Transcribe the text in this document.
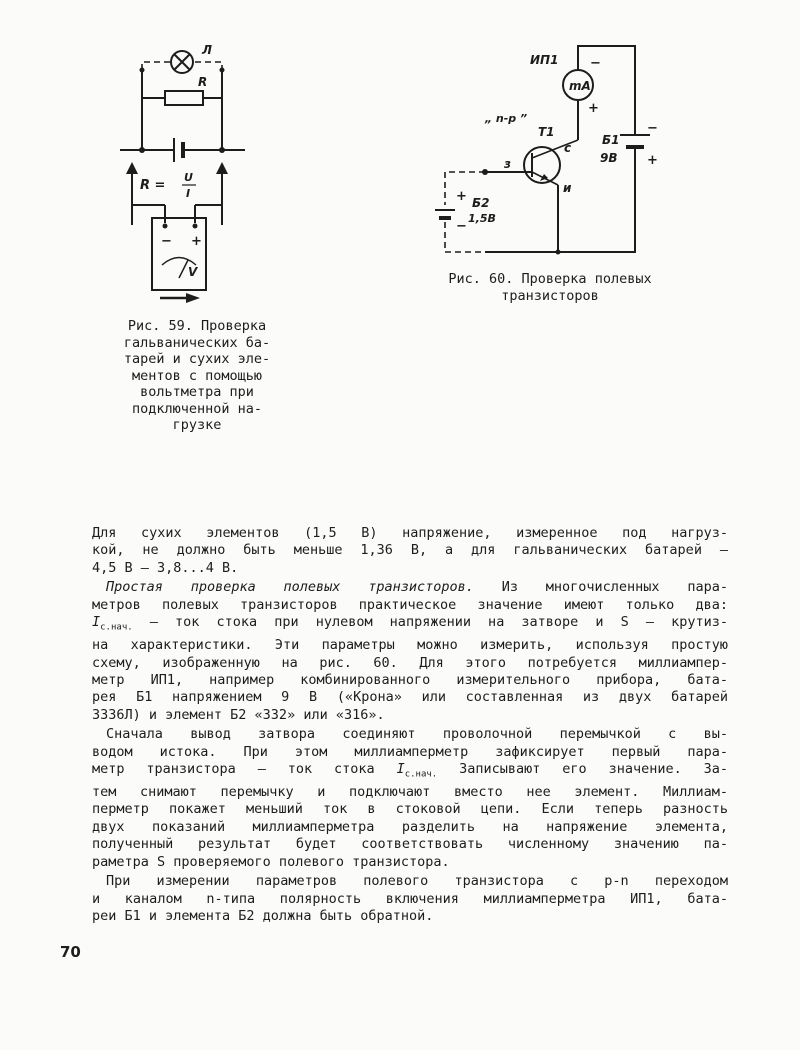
Л
R
R =
U
I
− +
V
Рис. 59. Проверка
гальванических ба-
тарей и сухих эле-
ментов с помощью
вольтметра при
подключенной на-
грузке
ИП1
mA
−
+
„ n-p ”
T1
с
з
и
Б1
9В
−
+
+
−
Б2
1,5В
Рис. 60. Проверка полевых
транзисторов
Для сухих элементов (1,5 В) напряжение, измеренное под нагруз-
кой, не должно быть меньше 1,36 В, а для гальванических батарей —
4,5 В — 3,8...4 В.
Простая проверка полевых транзисторов. Из многочисленных пара-
метров полевых транзисторов практическое значение имеют только два:
$I_{с.нач.}$ — ток стока при нулевом напряжении на затворе и S — крутиз-
на характеристики. Эти параметры можно измерить, используя простую
схему, изображенную на рис. 60. Для этого потребуется миллиампер-
метр ИП1, например комбинированного измерительного прибора, бата-
рея Б1 напряжением 9 В («Крона» или составленная из двух батарей
3336Л) и элемент Б2 «332» или «316».
Сначала вывод затвора соединяют проволочной перемычкой с вы-
водом истока. При этом миллиамперметр зафиксирует первый пара-
метр транзистора — ток стока $I_{с.нач.}$ Записывают его значение. За-
тем снимают перемычку и подключают вместо нее элемент. Миллиам-
перметр покажет меньший ток в стоковой цепи. Если теперь разность
двух показаний миллиамперметра разделить на напряжение элемента,
полученный результат будет соответствовать численному значению па-
раметра S проверяемого полевого транзистора.
При измерении параметров полевого транзистора с p-n переходом
и каналом n-типа полярность включения миллиамперметра ИП1, бата-
реи Б1 и элемента Б2 должна быть обратной.
70
